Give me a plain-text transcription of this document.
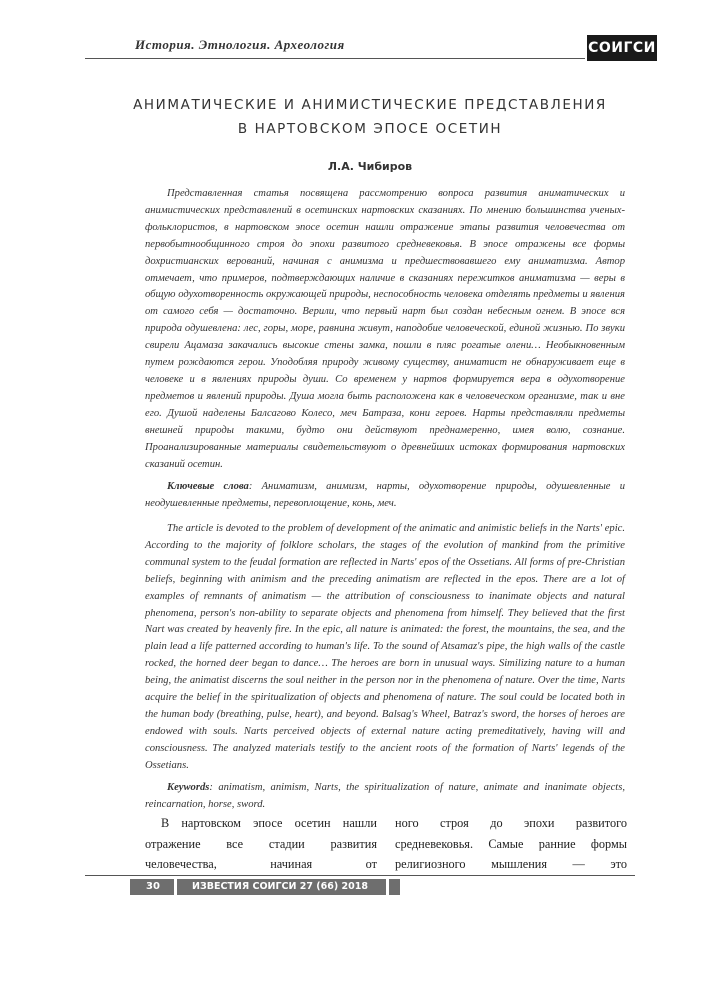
История. Этнология. Археология	СОИГСИ
АНИМАТИЧЕСКИЕ И АНИМИСТИЧЕСКИЕ ПРЕДСТАВЛЕНИЯ
В НАРТОВСКОМ ЭПОСЕ ОСЕТИН
Л.А. Чибиров

Представленная статья посвящена рассмотрению вопроса развития аниматических и анимистических представлений в осетинских нартовских сказаниях. По мнению большинства ученых-фольклористов, в нартовском эпосе осетин нашли отражение этапы развития человечества от первобытнообщинного строя до эпохи развитого средневековья. В эпосе отражены все формы дохристианских верований, начиная с анимизма и предшествовавшего ему аниматизма. Автор отмечает, что примеров, подтверждающих наличие в сказаниях пережитков аниматизма — веры в общую одухотворенность окружающей природы, неспособность человека отделять предметы и явления от самого себя — достаточно. Верили, что первый нарт был создан небесным огнем. В эпосе вся природа одушевлена: лес, горы, море, равнина живут, наподобие человеческой, единой жизнью. По звуки свирели Ацамаза закачались высокие стены замка, пошли в пляс рогатые олени… Необыкновенным путем рождаются герои. Уподобляя природу живому существу, аниматист не обнаруживает еще в человеке и в явлениях природы души. Со временем у нартов формируется вера в одухотворение предметов и явлений природы. Душа могла быть расположена как в человеческом организме, так и вне его. Душой наделены Балсагово Колесо, меч Батраза, кони героев. Нарты представляли предметы внешней природы такими, будто они действуют преднамеренно, имея волю, сознание. Проанализированные материалы свидетельствуют о древнейших истоках формирования нартовских сказаний осетин.

Ключевые слова: Аниматизм, анимизм, нарты, одухотворение природы, одушевленные и неодушевленные предметы, перевоплощение, конь, меч.

The article is devoted to the problem of development of the animatic and animistic beliefs in the Narts' epic. According to the majority of folklore scholars, the stages of the evolution of mankind from the primitive communal system to the feudal formation are reflected in Narts' epos of the Ossetians. All forms of pre-Christian beliefs, beginning with animism and the preceding animatism are reflected in the epos. There are a lot of examples of remnants of animatism — the attribution of consciousness to inanimate objects and natural phenomena, person's non-ability to separate objects and phenomena from himself. They believed that the first Nart was created by heavenly fire. In the epic, all nature is animated: the forest, the mountains, the sea, and the plain lead a life patterned according to human's life. To the sound of Atsamaz's pipe, the high walls of the castle rocked, the horned deer began to dance… The heroes are born in unusual ways. Similizing nature to a human being, the animatist discerns the soul neither in the person nor in the phenomena of nature. Over the time, Narts acquire the belief in the spiritualization of objects and phenomena of nature. The soul could be located both in the human body (breathing, pulse, heart), and beyond. Balsag's Wheel, Batraz's sword, the horses of heroes are endowed with souls. Narts perceived objects of external nature acting premeditatively, having will and consciousness. The analyzed materials testify to the ancient roots of the formation of Narts' legends of the Ossetians.

Keywords: animatism, animism, Narts, the spiritualization of nature, animate and inanimate objects, reincarnation, horse, sword.

В нартовском эпосе осетин нашли отражение все стадии развития человечества, начиная от

ного строя до эпохи развитого средневековья. Самые ранние формы религиозного мышления — это

30	ИЗВЕСТИЯ СОИГСИ 27 (66) 2018
